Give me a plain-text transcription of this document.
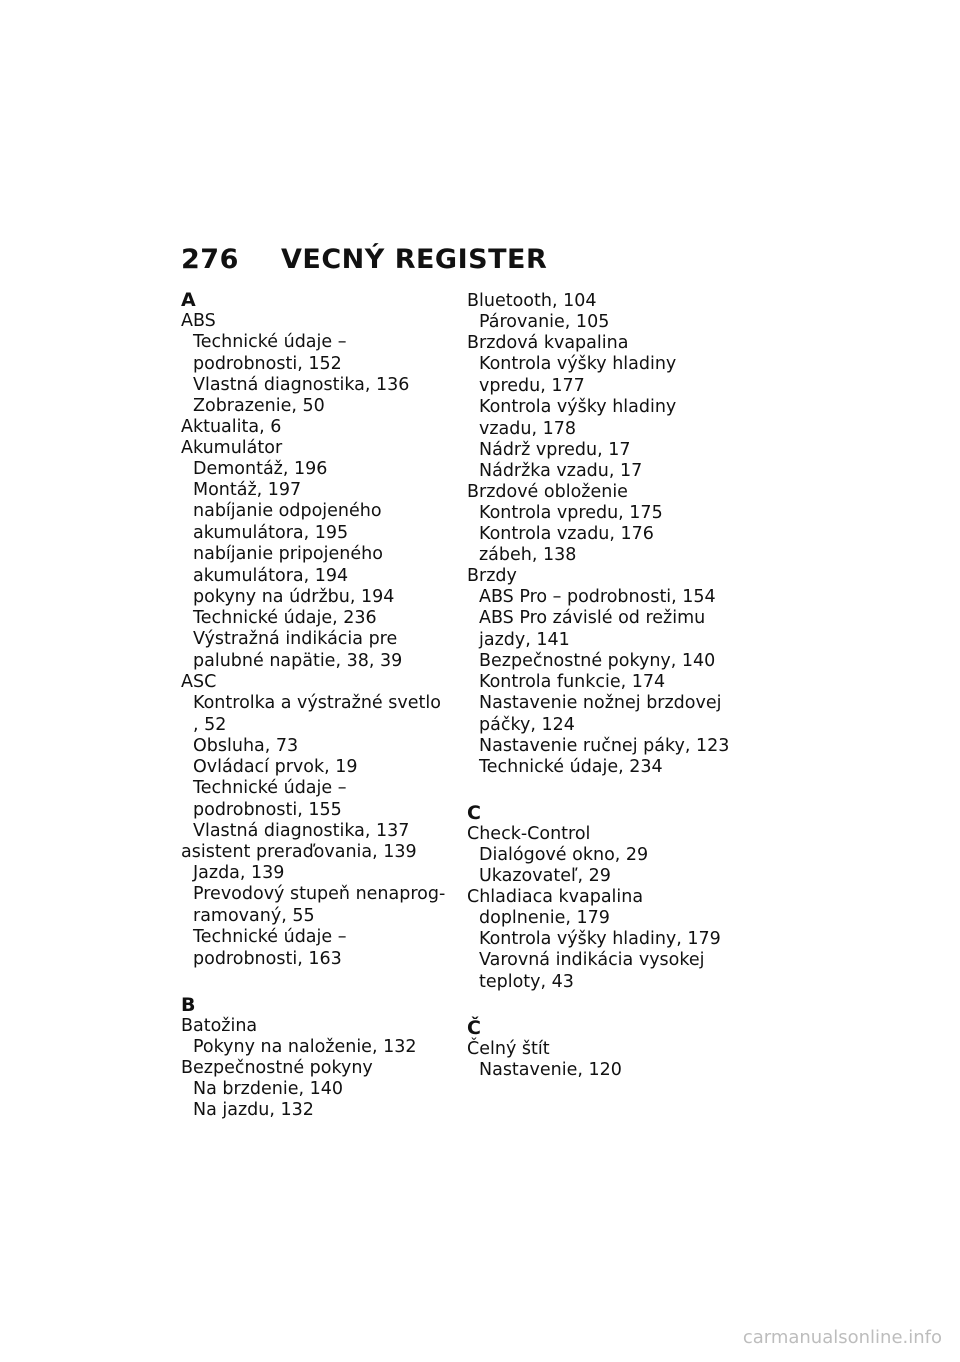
276 VECNÝ REGISTER
A
ABS
Technické údaje –
podrobnosti, 152
Vlastná diagnostika, 136
Zobrazenie, 50
Aktualita, 6
Akumulátor
Demontáž, 196
Montáž, 197
nabíjanie odpojeného
akumulátora, 195
nabíjanie pripojeného
akumulátora, 194
pokyny na údržbu, 194
Technické údaje, 236
Výstražná indikácia pre
palubné napätie, 38, 39
ASC
Kontrolka a výstražné svetlo
, 52
Obsluha, 73
Ovládací prvok, 19
Technické údaje –
podrobnosti, 155
Vlastná diagnostika, 137
asistent preraďovania, 139
Jazda, 139
Prevodový stupeň nenaprog-
ramovaný, 55
Technické údaje –
podrobnosti, 163
B
Batožina
Pokyny na naloženie, 132
Bezpečnostné pokyny
Na brzdenie, 140
Na jazdu, 132
Bluetooth, 104
Párovanie, 105
Brzdová kvapalina
Kontrola výšky hladiny
vpredu, 177
Kontrola výšky hladiny
vzadu, 178
Nádrž vpredu, 17
Nádržka vzadu, 17
Brzdové obloženie
Kontrola vpredu, 175
Kontrola vzadu, 176
zábeh, 138
Brzdy
ABS Pro – podrobnosti, 154
ABS Pro závislé od režimu
jazdy, 141
Bezpečnostné pokyny, 140
Kontrola funkcie, 174
Nastavenie nožnej brzdovej
páčky, 124
Nastavenie ručnej páky, 123
Technické údaje, 234
C
Check-Control
Dialógové okno, 29
Ukazovateľ, 29
Chladiaca kvapalina
doplnenie, 179
Kontrola výšky hladiny, 179
Varovná indikácia vysokej
teploty, 43
Č
Čelný štít
Nastavenie, 120
carmanualsonline.info
